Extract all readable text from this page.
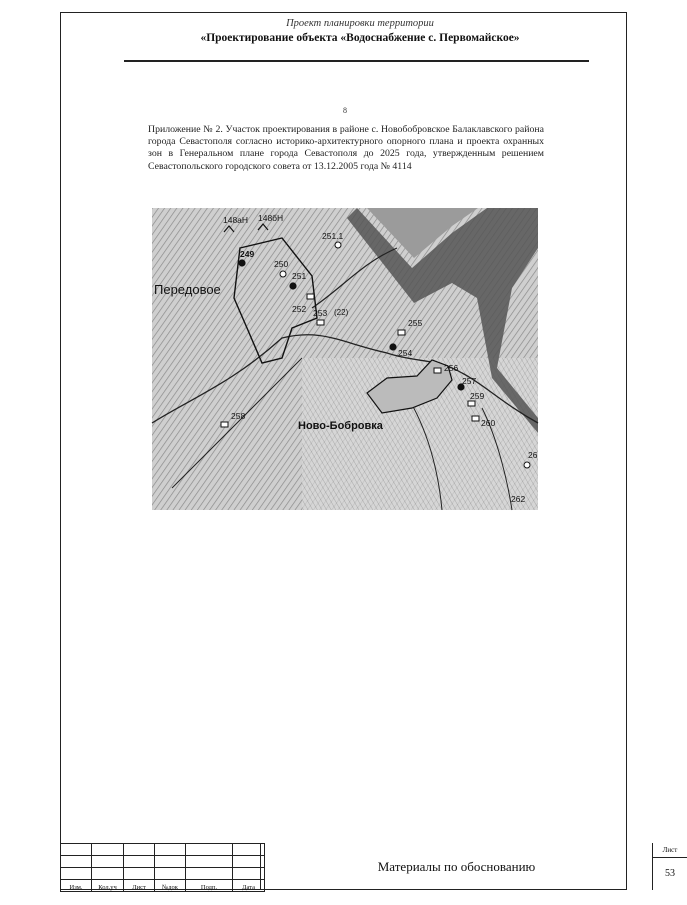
Проект планировки территории
«Проектирование объекта «Водоснабжение с. Первомайское»
8
Приложение № 2. Участок проектирования в районе с. Новобобровское Балаклавского района города Севастополя согласно историко-архитектурного опорного плана и проекта охранных зон в Генеральном плане города Севастополя до 2025 года, утвержденным решением Севастопольского городского совета от 13.12.2005 года № 4114
148аН 148бН
Передовое
Ново-Бобровка
249
250
251
251.1
252 253 (22)
255
254
256
257
259
260
258
26
262

Изм.	Кол.уч	Лист	№док	Подп.	Дата
Материалы по обоснованию
Лист
53
